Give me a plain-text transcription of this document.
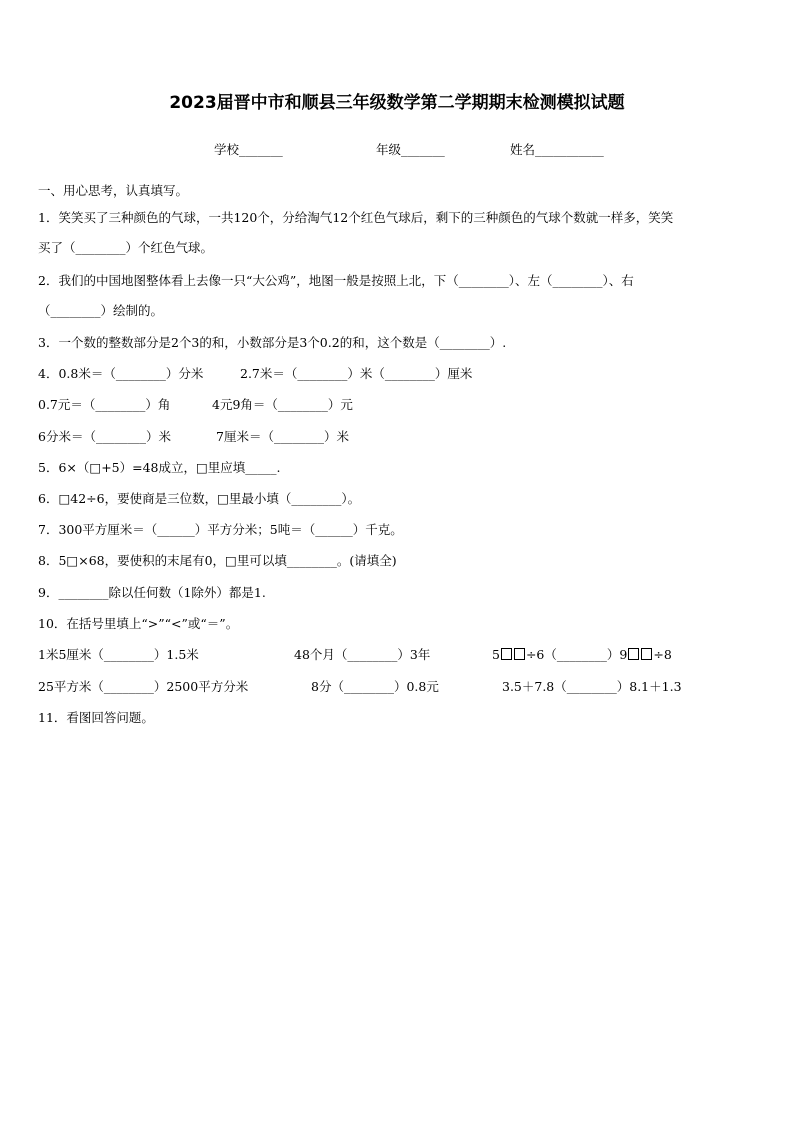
2023届晋中市和顺县三年级数学第二学期期末检测模拟试题
学校_______	年级_______	姓名___________
一、用心思考，认真填写。
1．笑笑买了三种颜色的气球，一共120个，分给淘气12个红色气球后，剩下的三种颜色的气球个数就一样多，笑笑
买了（________）个红色气球。
2．我们的中国地图整体看上去像一只“大公鸡”，地图一般是按照上北，下（________）、左（________）、右
（________）绘制的。
3．一个数的整数部分是2个3的和，小数部分是3个0.2的和，这个数是（________）.
4．0.8米＝（________）分米	2.7米＝（________）米（________）厘米
0.7元＝（________）角	4元9角＝（________）元
6分米＝（________）米	7厘米＝（________）米
5．6×（□+5）=48成立，□里应填_____.
6．□42÷6，要使商是三位数，□里最小填（________）。
7．300平方厘米＝（______）平方分米；5吨＝（______）千克。
8．5□×68，要使积的末尾有0，□里可以填________。(请填全)
9．________除以任何数（1除外）都是1.
10．在括号里填上“>”“<”或“＝”。
1米5厘米（________）1.5米	48个月（________）3年	5 ÷6（________）9 ÷8
25平方米（________）2500平方分米	8分（________）0.8元	3.5＋7.8（________）8.1＋1.3
11．看图回答问题。
